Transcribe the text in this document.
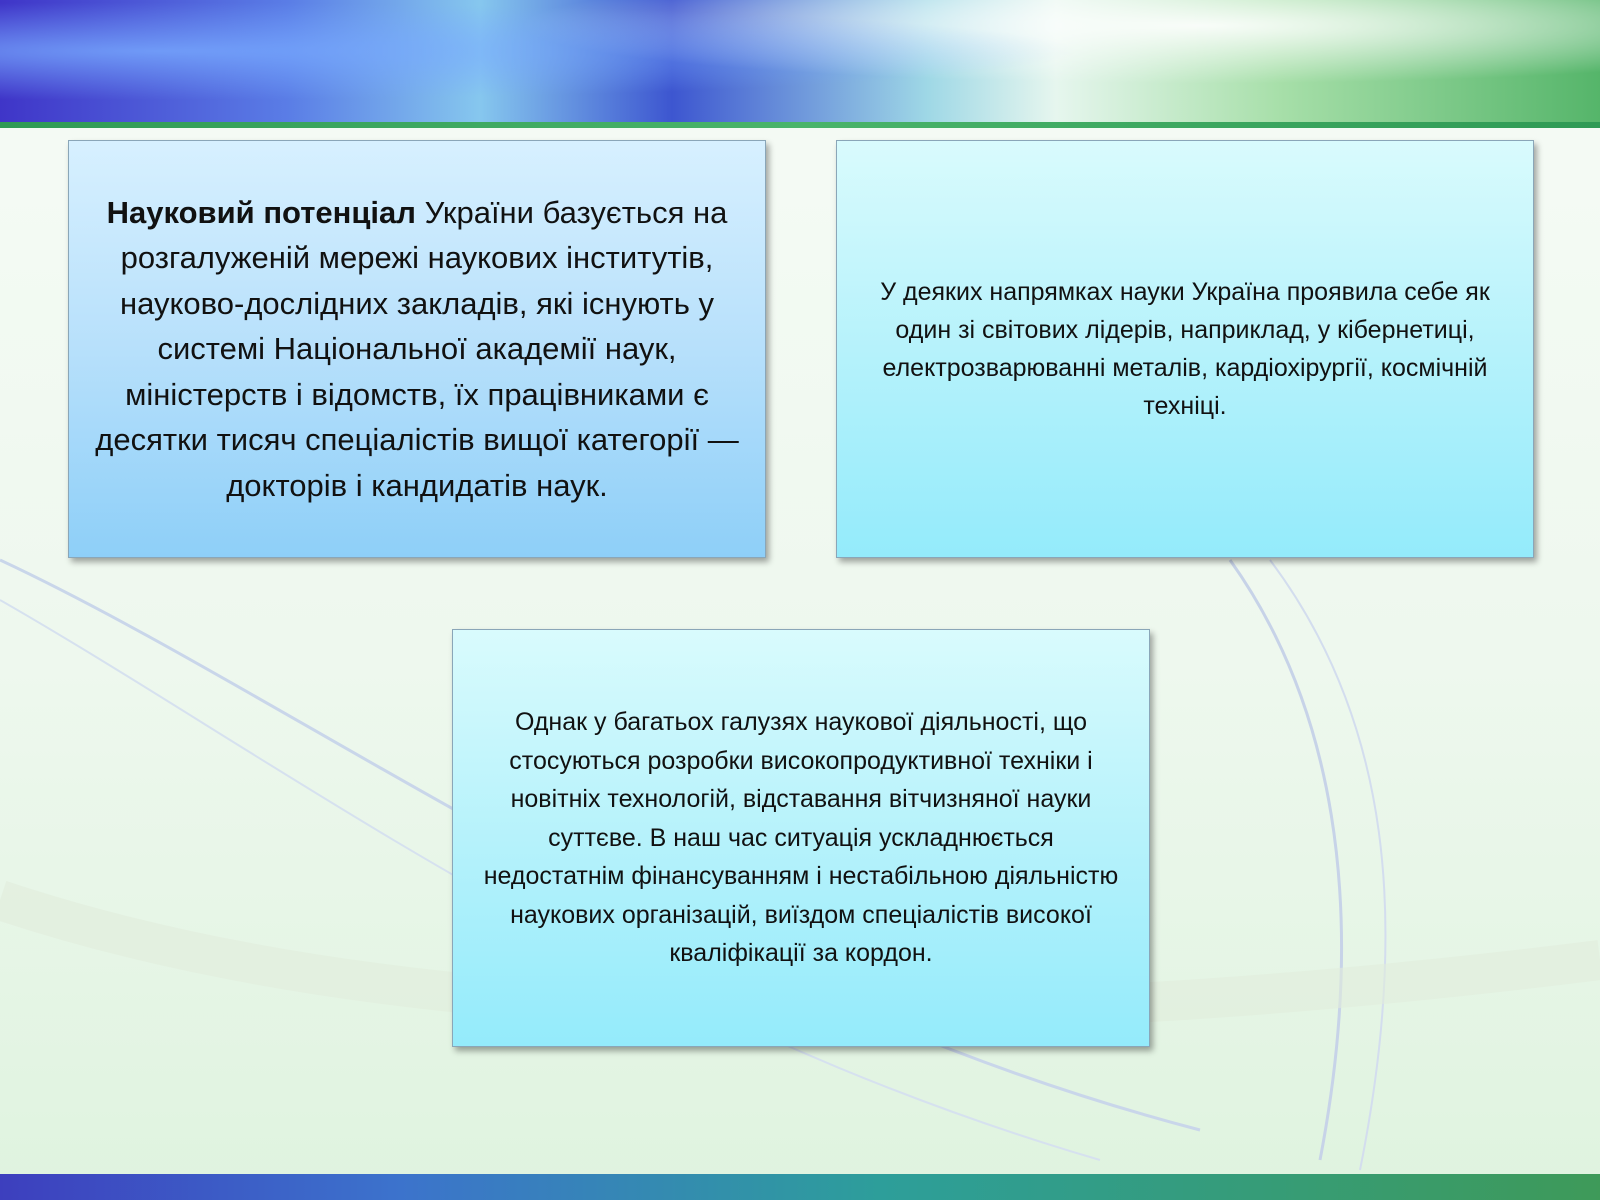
Науковий потенціал України базується на розгалуженій мережі наукових інститутів, науково-дослідних закладів, які існують у системі Національної академії наук, міністерств і відомств, їх працівниками є десятки тисяч спеціалістів вищої категорії — докторів і кандидатів наук.
У деяких напрямках науки Україна проявила себе як один зі світових лідерів, наприклад, у кібернетиці, електрозварюванні металів, кардіохірургії, космічній техніці.
Однак у багатьох галузях наукової діяльності, що стосуються розробки високопродуктивної техніки і новітніх технологій, відставання вітчизняної науки суттєве. В наш час ситуація ускладнюється недостатнім фінансуванням і нестабільною діяльністю наукових організацій, виїздом спеціалістів високої кваліфікації за кордон.
